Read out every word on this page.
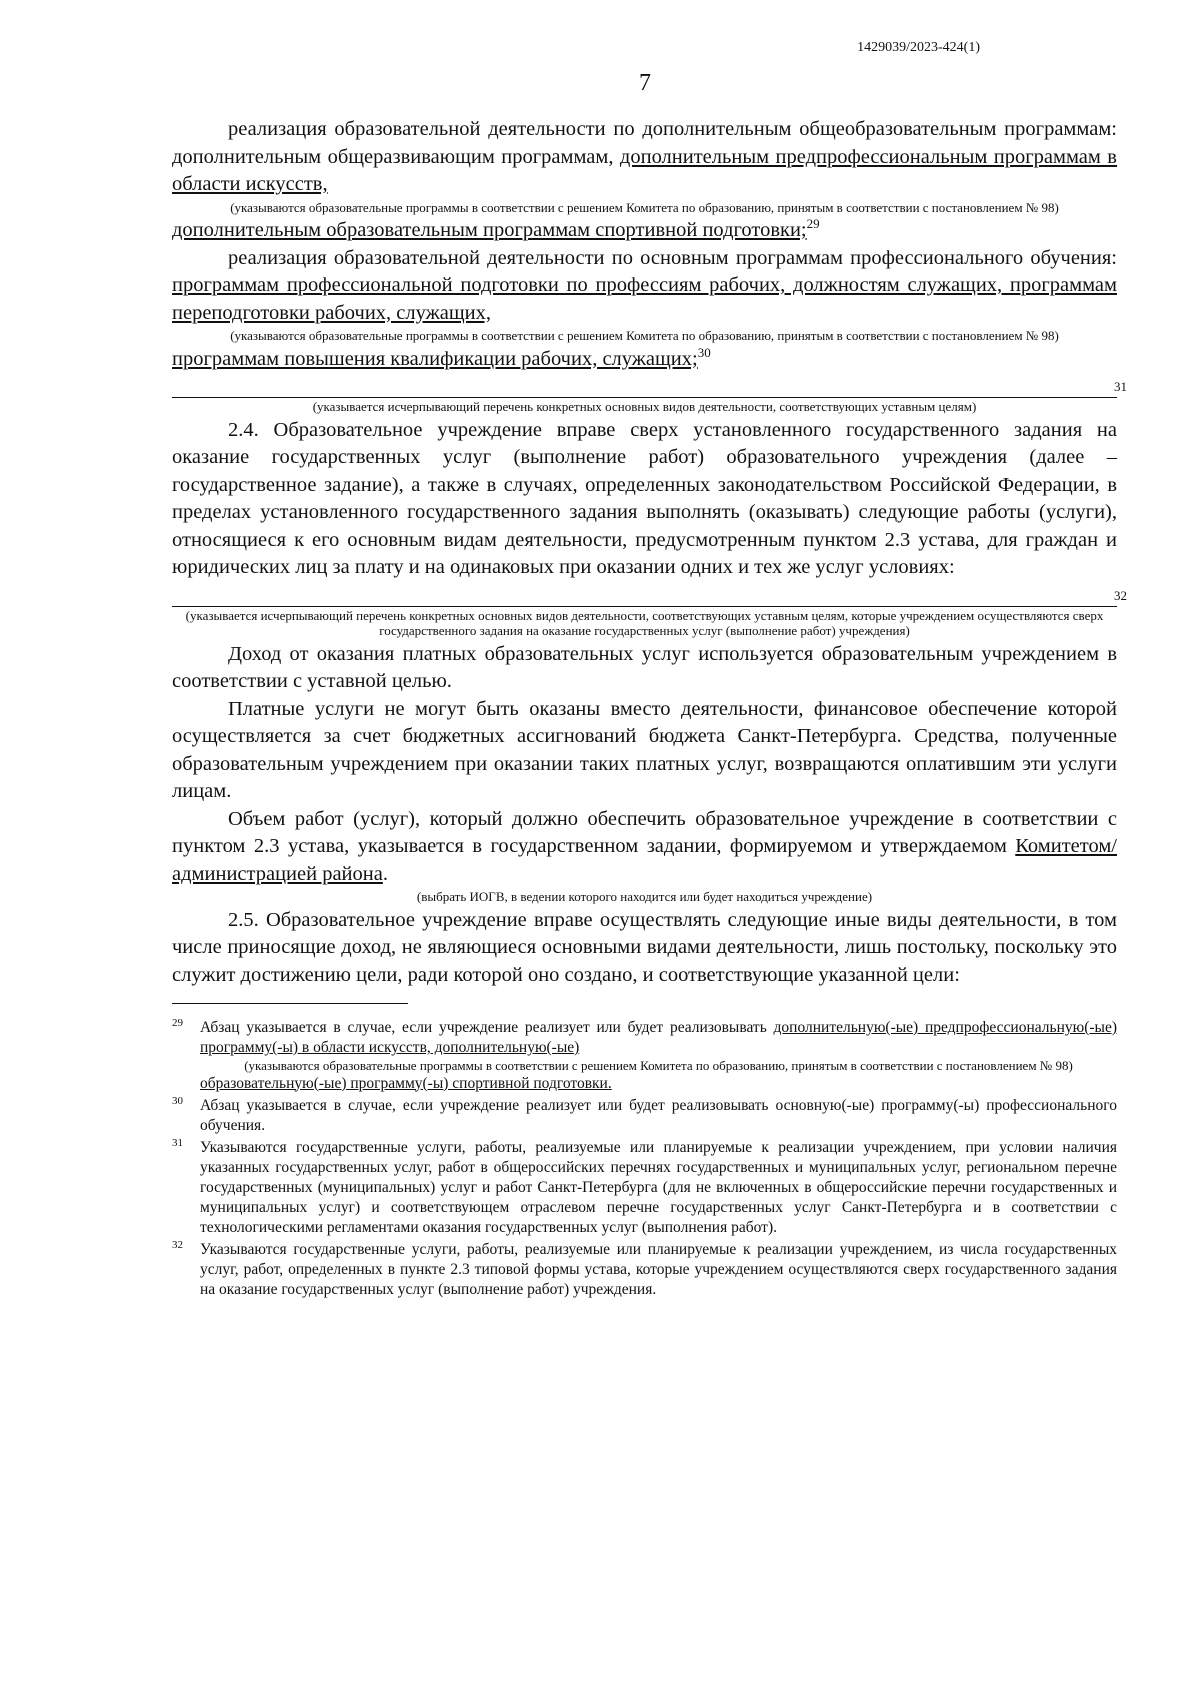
1429039/2023-424(1)
7

реализация образовательной деятельности по дополнительным общеобразовательным программам: дополнительным общеразвивающим программам, дополнительным предпрофессиональным программам в области искусств,

(указываются образовательные программы в соответствии с решением Комитета по образованию, принятым в соответствии с постановлением № 98)

дополнительным образовательным программам спортивной подготовки;$^{29}$

реализация образовательной деятельности по основным программам профессионального обучения: программам профессиональной подготовки по профессиям рабочих, должностям служащих, программам переподготовки рабочих, служащих,

(указываются образовательные программы в соответствии с решением Комитета по образованию, принятым в соответствии с постановлением № 98)

программам повышения квалификации рабочих, служащих;$^{30}$

31
(указывается исчерпывающий перечень конкретных основных видов деятельности, соответствующих уставным целям)

2.4. Образовательное учреждение вправе сверх установленного государственного задания на оказание государственных услуг (выполнение работ) образовательного учреждения (далее – государственное задание), а также в случаях, определенных законодательством Российской Федерации, в пределах установленного государственного задания выполнять (оказывать) следующие работы (услуги), относящиеся к его основным видам деятельности, предусмотренным пунктом 2.3 устава, для граждан и юридических лиц за плату и на одинаковых при оказании одних и тех же услуг условиях:

32
(указывается исчерпывающий перечень конкретных основных видов деятельности, соответствующих уставным целям, которые учреждением осуществляются сверх государственного задания на оказание государственных услуг (выполнение работ) учреждения)

Доход от оказания платных образовательных услуг используется образовательным учреждением в соответствии с уставной целью.

Платные услуги не могут быть оказаны вместо деятельности, финансовое обеспечение которой осуществляется за счет бюджетных ассигнований бюджета Санкт-Петербурга. Средства, полученные образовательным учреждением при оказании таких платных услуг, возвращаются оплатившим эти услуги лицам.

Объем работ (услуг), который должно обеспечить образовательное учреждение в соответствии с пунктом 2.3 устава, указывается в государственном задании, формируемом и утверждаемом Комитетом/администрацией района.

(выбрать ИОГВ, в ведении которого находится или будет находиться учреждение)

2.5. Образовательное учреждение вправе осуществлять следующие иные виды деятельности, в том числе приносящие доход, не являющиеся основными видами деятельности, лишь постольку, поскольку это служит достижению цели, ради которой оно создано, и соответствующие указанной цели:

29 Абзац указывается в случае, если учреждение реализует или будет реализовывать дополнительную(-ые) предпрофессиональную(-ые) программу(-ы) в области искусств, дополнительную(-ые)
(указываются образовательные программы в соответствии с решением Комитета по образованию, принятым в соответствии с постановлением № 98)
образовательную(-ые) программу(-ы) спортивной подготовки.
30 Абзац указывается в случае, если учреждение реализует или будет реализовывать основную(-ые) программу(-ы) профессионального обучения.
31 Указываются государственные услуги, работы, реализуемые или планируемые к реализации учреждением, при условии наличия указанных государственных услуг, работ в общероссийских перечнях государственных и муниципальных услуг, региональном перечне государственных (муниципальных) услуг и работ Санкт-Петербурга (для не включенных в общероссийские перечни государственных и муниципальных услуг) и соответствующем отраслевом перечне государственных услуг Санкт-Петербурга и в соответствии с технологическими регламентами оказания государственных услуг (выполнения работ).
32 Указываются государственные услуги, работы, реализуемые или планируемые к реализации учреждением, из числа государственных услуг, работ, определенных в пункте 2.3 типовой формы устава, которые учреждением осуществляются сверх государственного задания на оказание государственных услуг (выполнение работ) учреждения.
